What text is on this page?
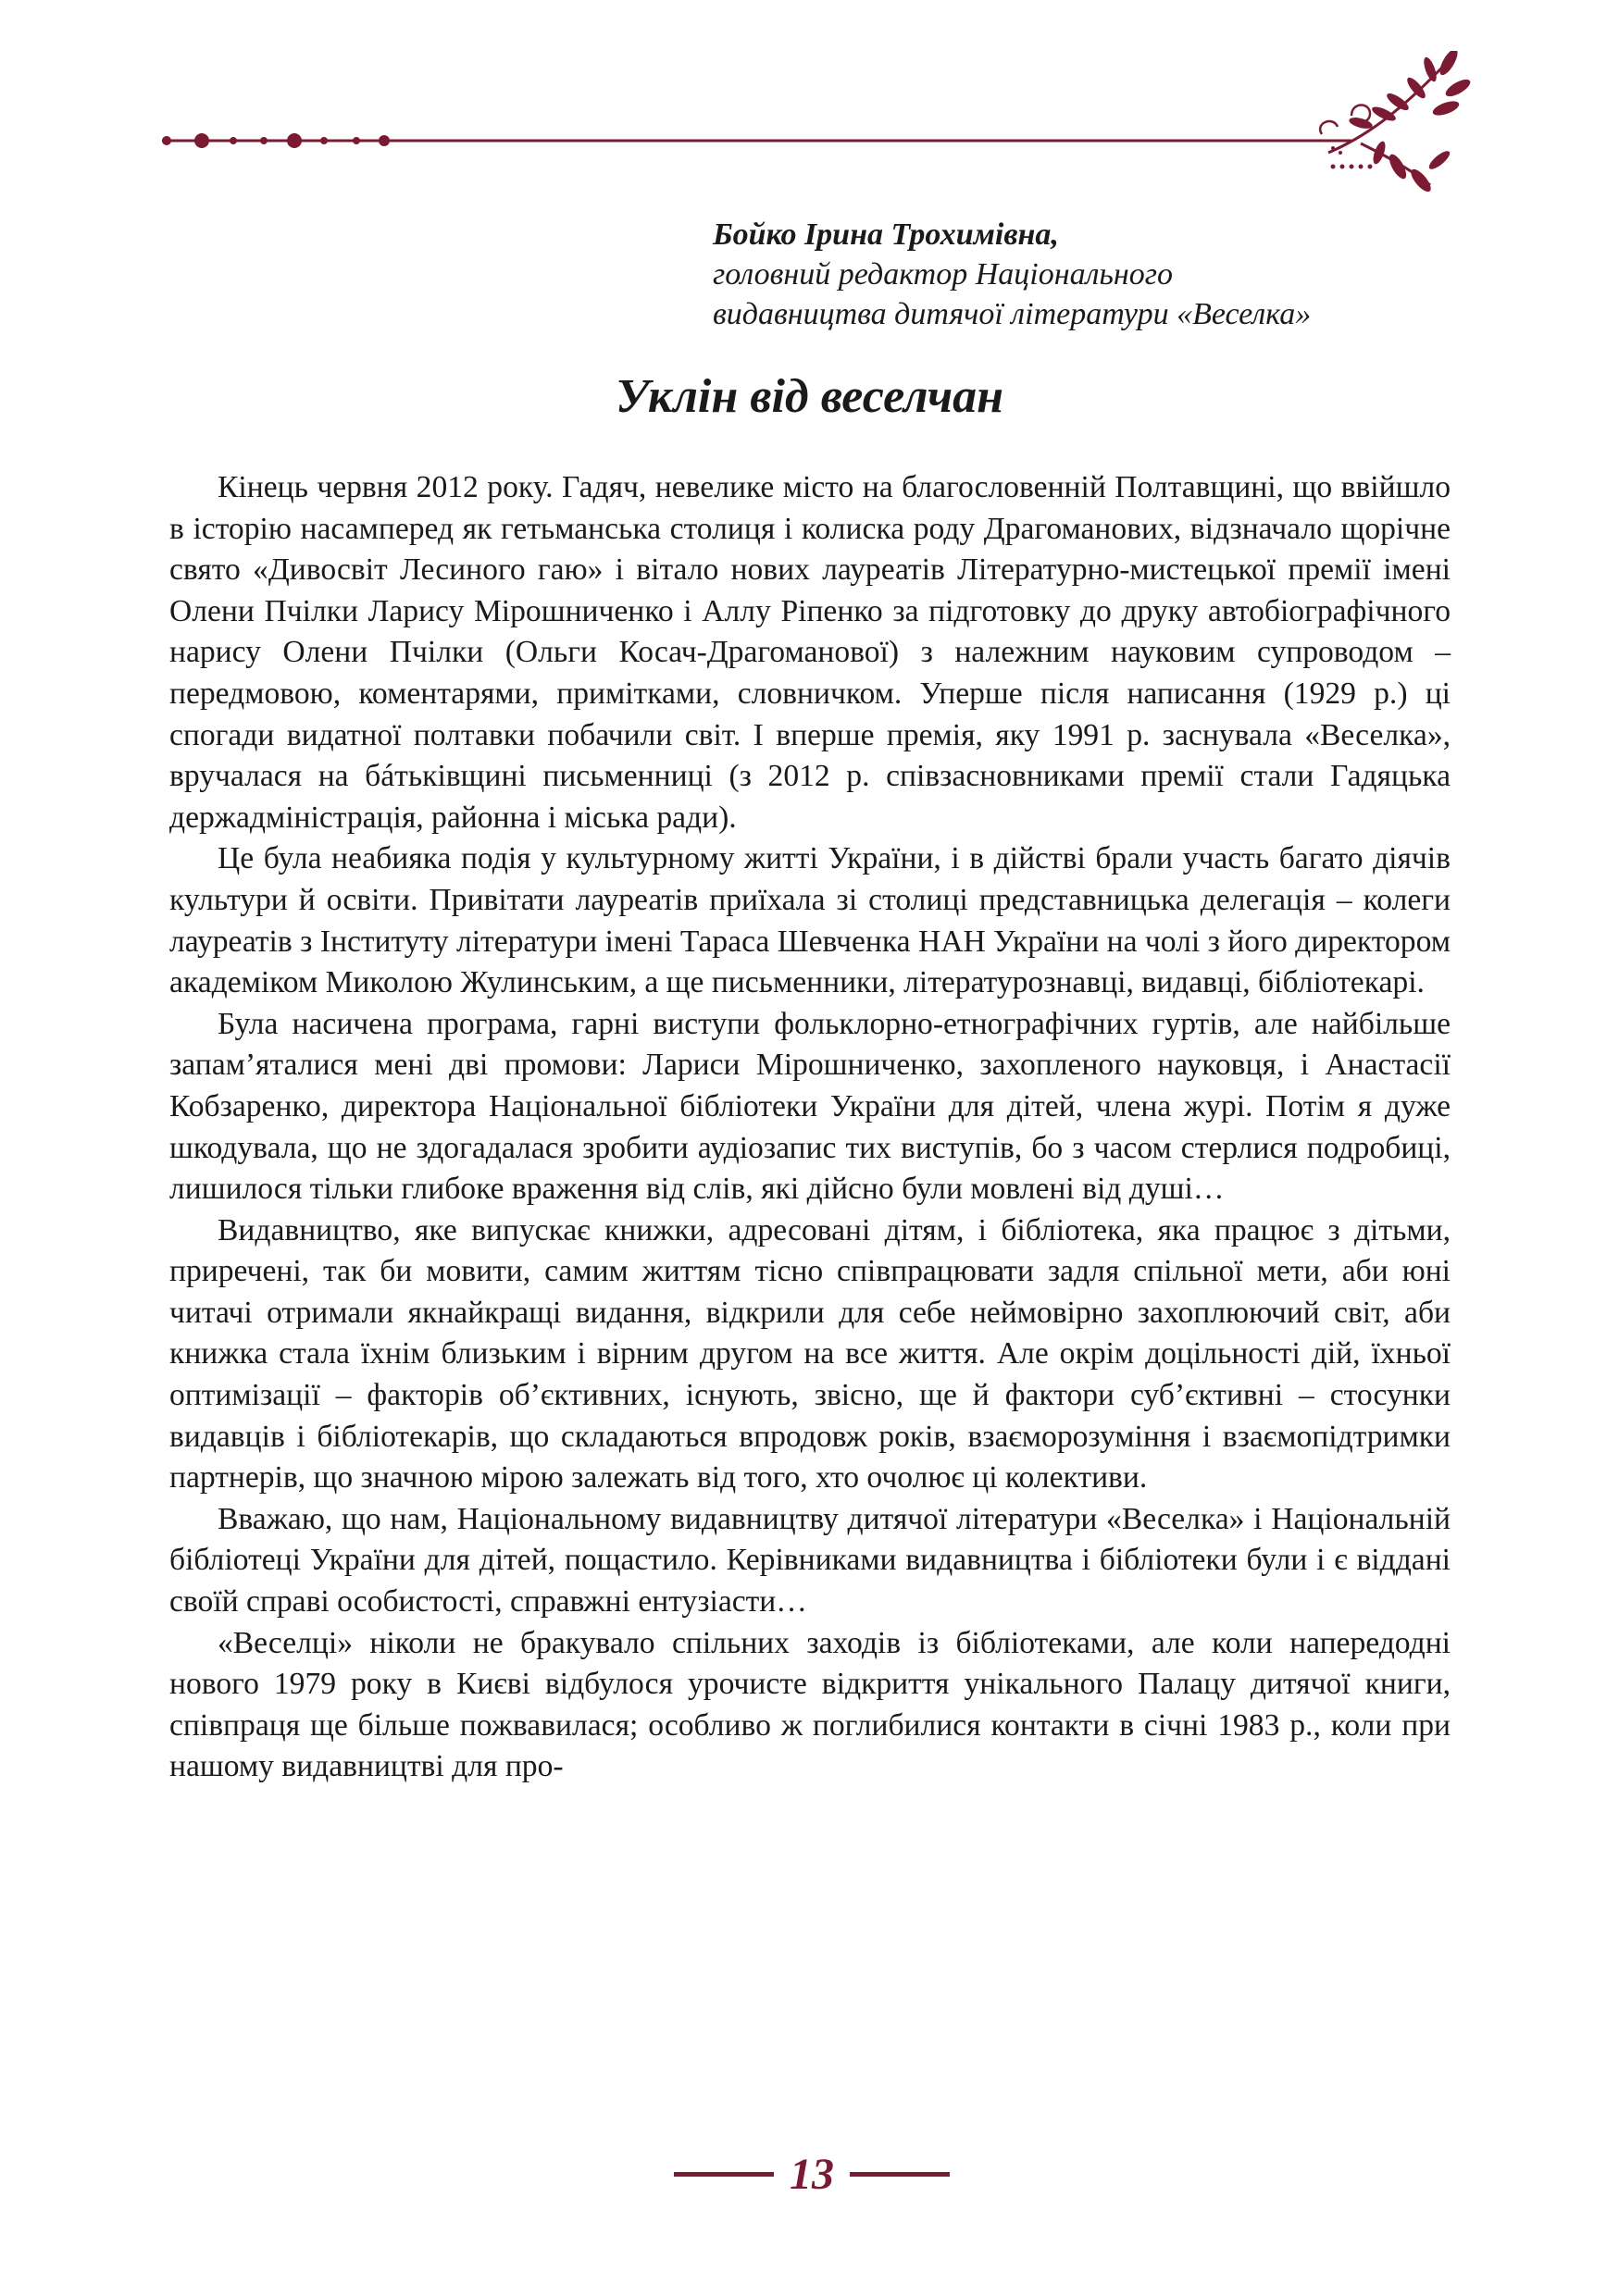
Бойко Ірина Трохимівна,
головний редактор Національного
видавництва дитячої літератури «Веселка»
Уклін від веселчан

Кінець червня 2012 року. Гадяч, невелике місто на благословенній Полтавщині, що ввійшло в історію насамперед як гетьманська столиця і колиска роду Драгоманових, відзначало щорічне свято «Дивосвіт Лесиного гаю» і вітало нових лауреатів Літературно-мистецької премії імені Олени Пчілки Ларису Мірошниченко і Аллу Ріпенко за підготовку до друку автобіографічного нарису Олени Пчілки (Ольги Косач-Драгоманової) з належним науковим супроводом – передмовою, коментарями, примітками, словничком. Уперше після написання (1929 р.) ці спогади видатної полтавки побачили світ. І вперше премія, яку 1991 р. заснувала «Веселка», вручалася на бáтьківщині письменниці (з 2012 р. співзасновниками премії стали Гадяцька держадміністрація, районна і міська ради).

Це була неабияка подія у культурному житті України, і в дійстві брали участь багато діячів культури й освіти. Привітати лауреатів приїхала зі столиці представницька делегація – колеги лауреатів з Інституту літератури імені Тараса Шевченка НАН України на чолі з його директором академіком Миколою Жулинським, а ще письменники, літературознавці, видавці, бібліотекарі.

Була насичена програма, гарні виступи фольклорно-етнографічних гуртів, але найбільше запам’яталися мені дві промови: Лариси Мірошниченко, захопленого науковця, і Анастасії Кобзаренко, директора Національної бібліотеки України для дітей, члена журі. Потім я дуже шкодувала, що не здогадалася зробити аудіозапис тих виступів, бо з часом стерлися подробиці, лишилося тільки глибоке враження від слів, які дійсно були мовлені від душі…

Видавництво, яке випускає книжки, адресовані дітям, і бібліотека, яка працює з дітьми, приречені, так би мовити, самим життям тісно співпрацювати задля спільної мети, аби юні читачі отримали якнайкращі видання, відкрили для себе неймовірно захоплюючий світ, аби книжка стала їхнім близьким і вірним другом на все життя. Але окрім доцільності дій, їхньої оптимізації – факторів об’єктивних, існують, звісно, ще й фактори суб’єктивні – стосунки видавців і бібліотекарів, що складаються впродовж років, взаєморозуміння і взаємопідтримки партнерів, що значною мірою залежать від того, хто очолює ці колективи.

Вважаю, що нам, Національному видавництву дитячої літератури «Веселка» і Національній бібліотеці України для дітей, пощастило. Керівниками видавництва і бібліотеки були і є віддані своїй справі особистості, справжні ентузіасти…

«Веселці» ніколи не бракувало спільних заходів із бібліотеками, але коли напередодні нового 1979 року в Києві відбулося урочисте відкриття унікального Палацу дитячої книги, співпраця ще більше пожвавилася; особливо ж поглибилися контакти в січні 1983 р., коли при нашому видавництві для про-

13
